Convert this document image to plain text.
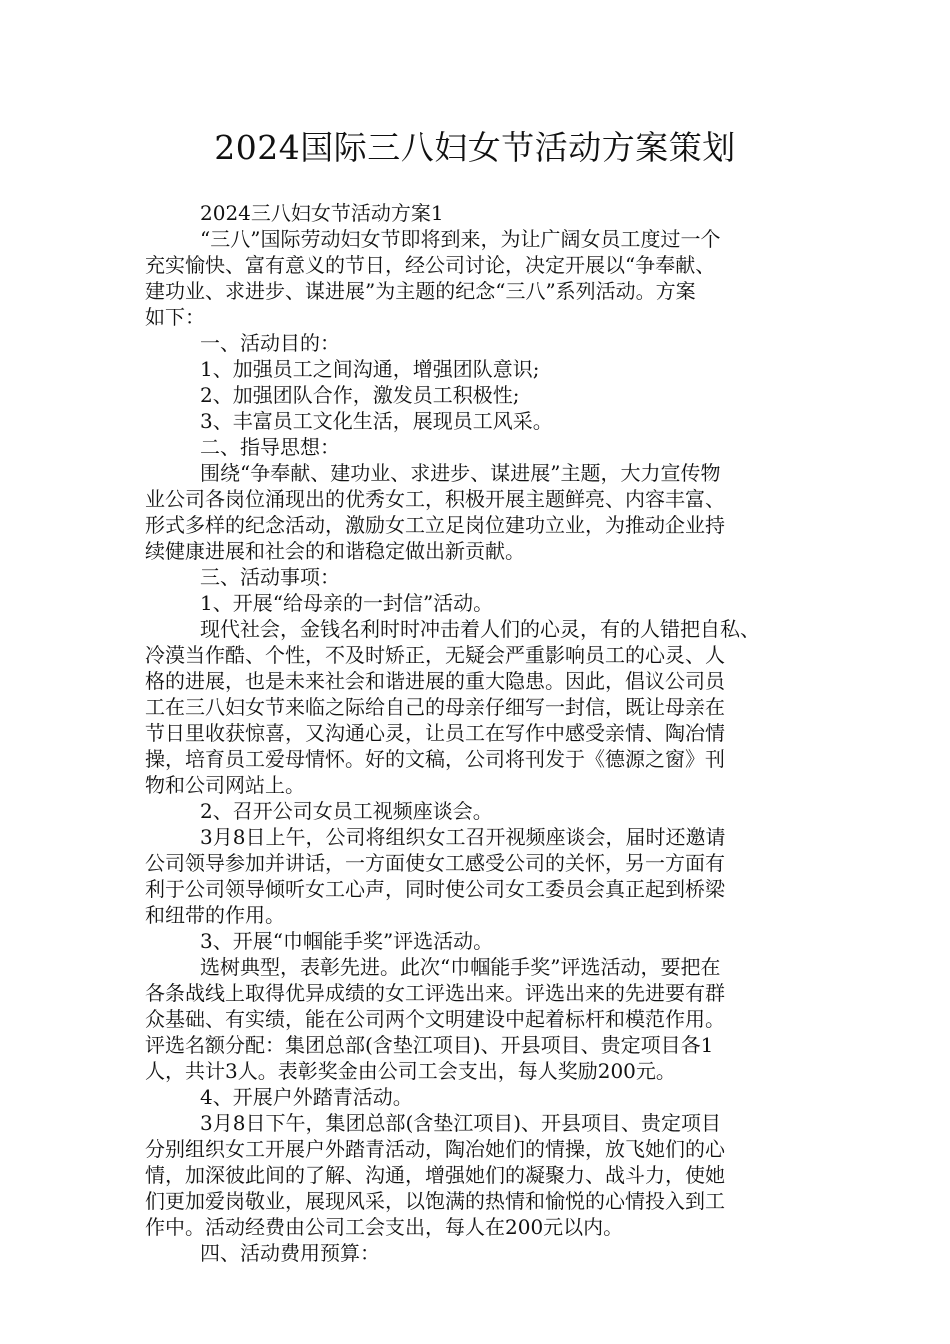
2024国际三八妇女节活动方案策划
2024三八妇女节活动方案1
“三八”国际劳动妇女节即将到来，为让广阔女员工度过一个
充实愉快、富有意义的节日，经公司讨论，决定开展以“争奉献、
建功业、求进步、谋进展”为主题的纪念“三八”系列活动。方案
如下：
一、活动目的：
1、加强员工之间沟通，增强团队意识;
2、加强团队合作，激发员工积极性;
3、丰富员工文化生活，展现员工风采。
二、指导思想：
围绕“争奉献、建功业、求进步、谋进展”主题，大力宣传物
业公司各岗位涌现出的优秀女工，积极开展主题鲜亮、内容丰富、
形式多样的纪念活动，激励女工立足岗位建功立业，为推动企业持
续健康进展和社会的和谐稳定做出新贡献。
三、活动事项：
1、开展“给母亲的一封信”活动。
现代社会，金钱名利时时冲击着人们的心灵，有的人错把自私、
冷漠当作酷、个性，不及时矫正，无疑会严重影响员工的心灵、人
格的进展，也是未来社会和谐进展的重大隐患。因此，倡议公司员
工在三八妇女节来临之际给自己的母亲仔细写一封信，既让母亲在
节日里收获惊喜，又沟通心灵，让员工在写作中感受亲情、陶冶情
操，培育员工爱母情怀。好的文稿，公司将刊发于《德源之窗》刊
物和公司网站上。
2、召开公司女员工视频座谈会。
3月8日上午，公司将组织女工召开视频座谈会，届时还邀请
公司领导参加并讲话，一方面使女工感受公司的关怀，另一方面有
利于公司领导倾听女工心声，同时使公司女工委员会真正起到桥梁
和纽带的作用。
3、开展“巾帼能手奖”评选活动。
选树典型，表彰先进。此次“巾帼能手奖”评选活动，要把在
各条战线上取得优异成绩的女工评选出来。评选出来的先进要有群
众基础、有实绩，能在公司两个文明建设中起着标杆和模范作用。
评选名额分配：集团总部(含垫江项目)、开县项目、贵定项目各1
人，共计3人。表彰奖金由公司工会支出，每人奖励200元。
4、开展户外踏青活动。
3月8日下午，集团总部(含垫江项目)、开县项目、贵定项目
分别组织女工开展户外踏青活动，陶冶她们的情操，放飞她们的心
情，加深彼此间的了解、沟通，增强她们的凝聚力、战斗力，使她
们更加爱岗敬业，展现风采，以饱满的热情和愉悦的心情投入到工
作中。活动经费由公司工会支出，每人在200元以内。
四、活动费用预算：
